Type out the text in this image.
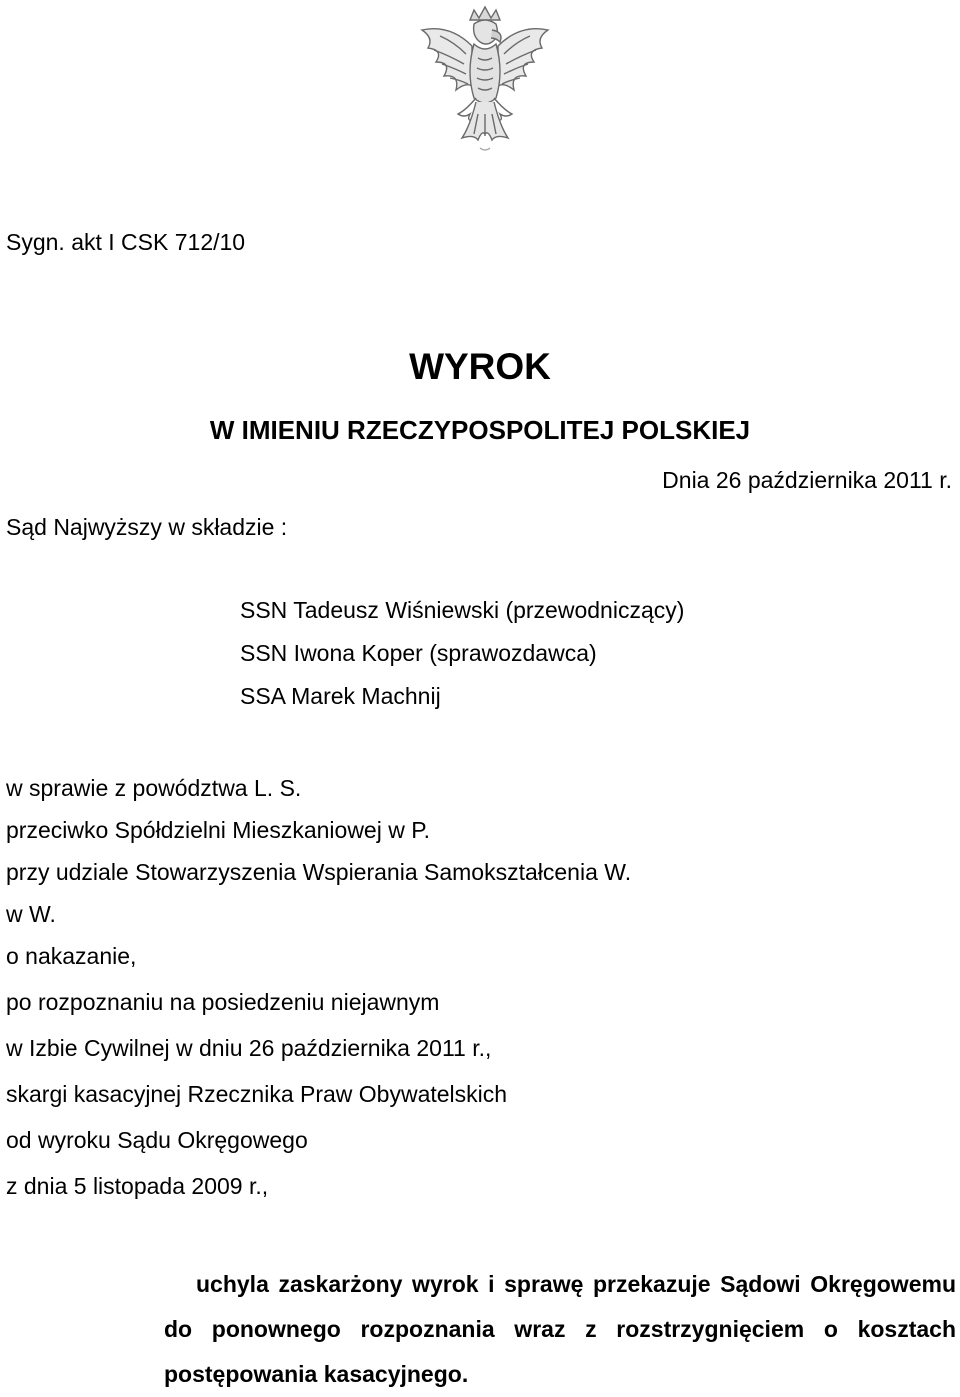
Sygn. akt I CSK 712/10

WYROK
W IMIENIU RZECZYPOSPOLITEJ POLSKIEJ

Dnia 26 października 2011 r.

Sąd Najwyższy w składzie :

SSN Tadeusz Wiśniewski (przewodniczący)
SSN Iwona Koper (sprawozdawca)
SSA Marek Machnij
w sprawie z powództwa L. S.
przeciwko Spółdzielni Mieszkaniowej w P.
przy udziale Stowarzyszenia Wspierania Samokształcenia W.
w W.
o nakazanie,
po rozpoznaniu na posiedzeniu niejawnym
w Izbie Cywilnej w dniu 26 października 2011 r.,
skargi kasacyjnej Rzecznika Praw Obywatelskich
od wyroku Sądu Okręgowego
z dnia 5 listopada 2009 r.,

uchyla zaskarżony wyrok i sprawę przekazuje Sądowi Okręgowemu do ponownego rozpoznania wraz z rozstrzygnięciem o kosztach postępowania kasacyjnego.
